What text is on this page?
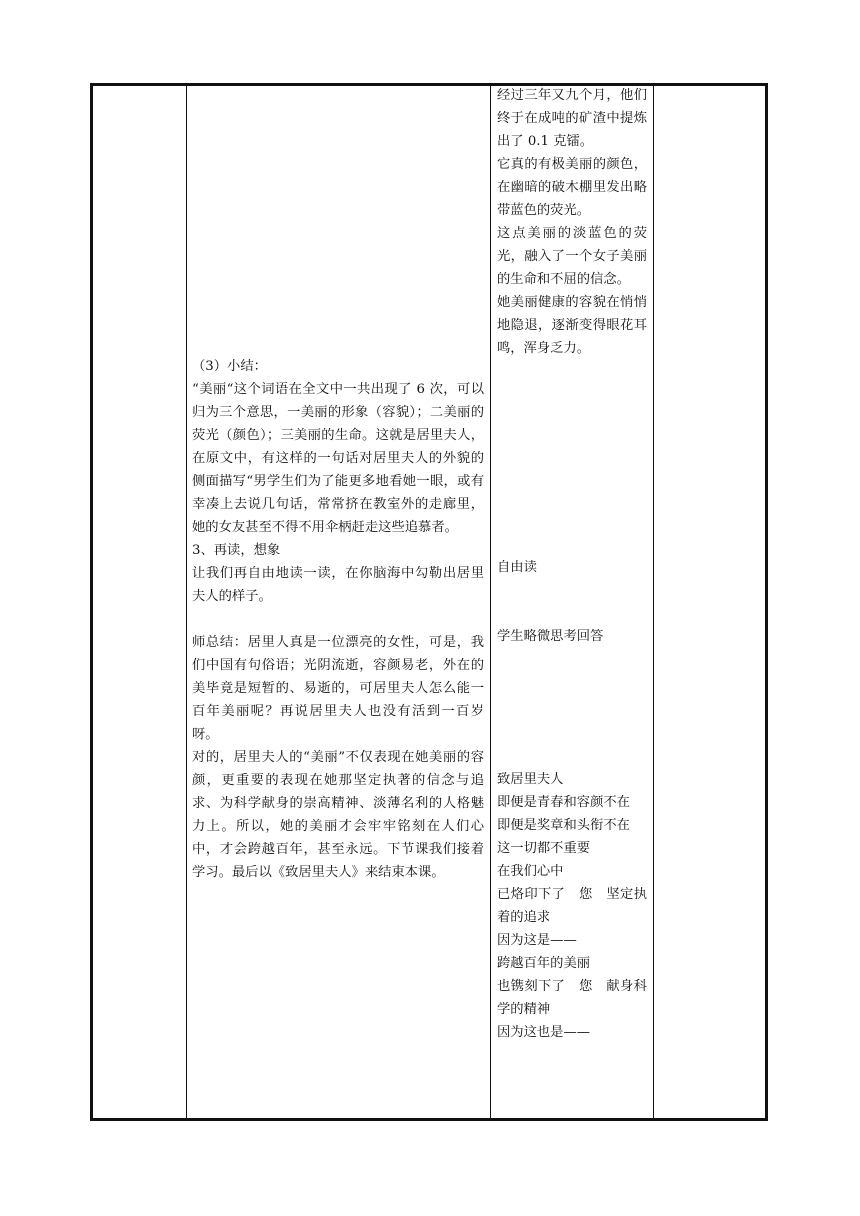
（3）小结：

“美丽“这个词语在全文中一共出现了 6 次，可以归为三个意思，一美丽的形象（容貌）；二美丽的荧光（颜色）；三美丽的生命。这就是居里夫人，在原文中，有这样的一句话对居里夫人的外貌的侧面描写“男学生们为了能更多地看她一眼，或有幸凑上去说几句话，常常挤在教室外的走廊里，她的女友甚至不得不用伞柄赶走这些追慕者。

3、再读，想象

让我们再自由地读一读，在你脑海中勾勒出居里夫人的样子。

师总结：居里人真是一位漂亮的女性，可是，我们中国有句俗语；光阴流逝，容颜易老，外在的美毕竟是短暂的、易逝的，可居里夫人怎么能一百年美丽呢？再说居里夫人也没有活到一百岁呀。

对的，居里夫人的“美丽”不仅表现在她美丽的容颜，更重要的表现在她那坚定执著的信念与追求、为科学献身的崇高精神、淡薄名利的人格魅力上。所以，她的美丽才会牢牢铭刻在人们心中，才会跨越百年，甚至永远。下节课我们接着学习。最后以《致居里夫人》来结束本课。

经过三年又九个月，他们终于在成吨的矿渣中提炼出了 0.1 克镭。

它真的有极美丽的颜色，在幽暗的破木棚里发出略带蓝色的荧光。

这点美丽的淡蓝色的荧光，融入了一个女子美丽的生命和不屈的信念。

她美丽健康的容貌在悄悄地隐退，逐渐变得眼花耳鸣，浑身乏力。

自由读

学生略微思考回答

致居里夫人

即便是青春和容颜不在

即便是奖章和头衔不在

这一切都不重要

在我们心中

已烙印下了　您　坚定执着的追求

因为这是——

跨越百年的美丽

也镌刻下了　您　献身科学的精神

因为这也是——
